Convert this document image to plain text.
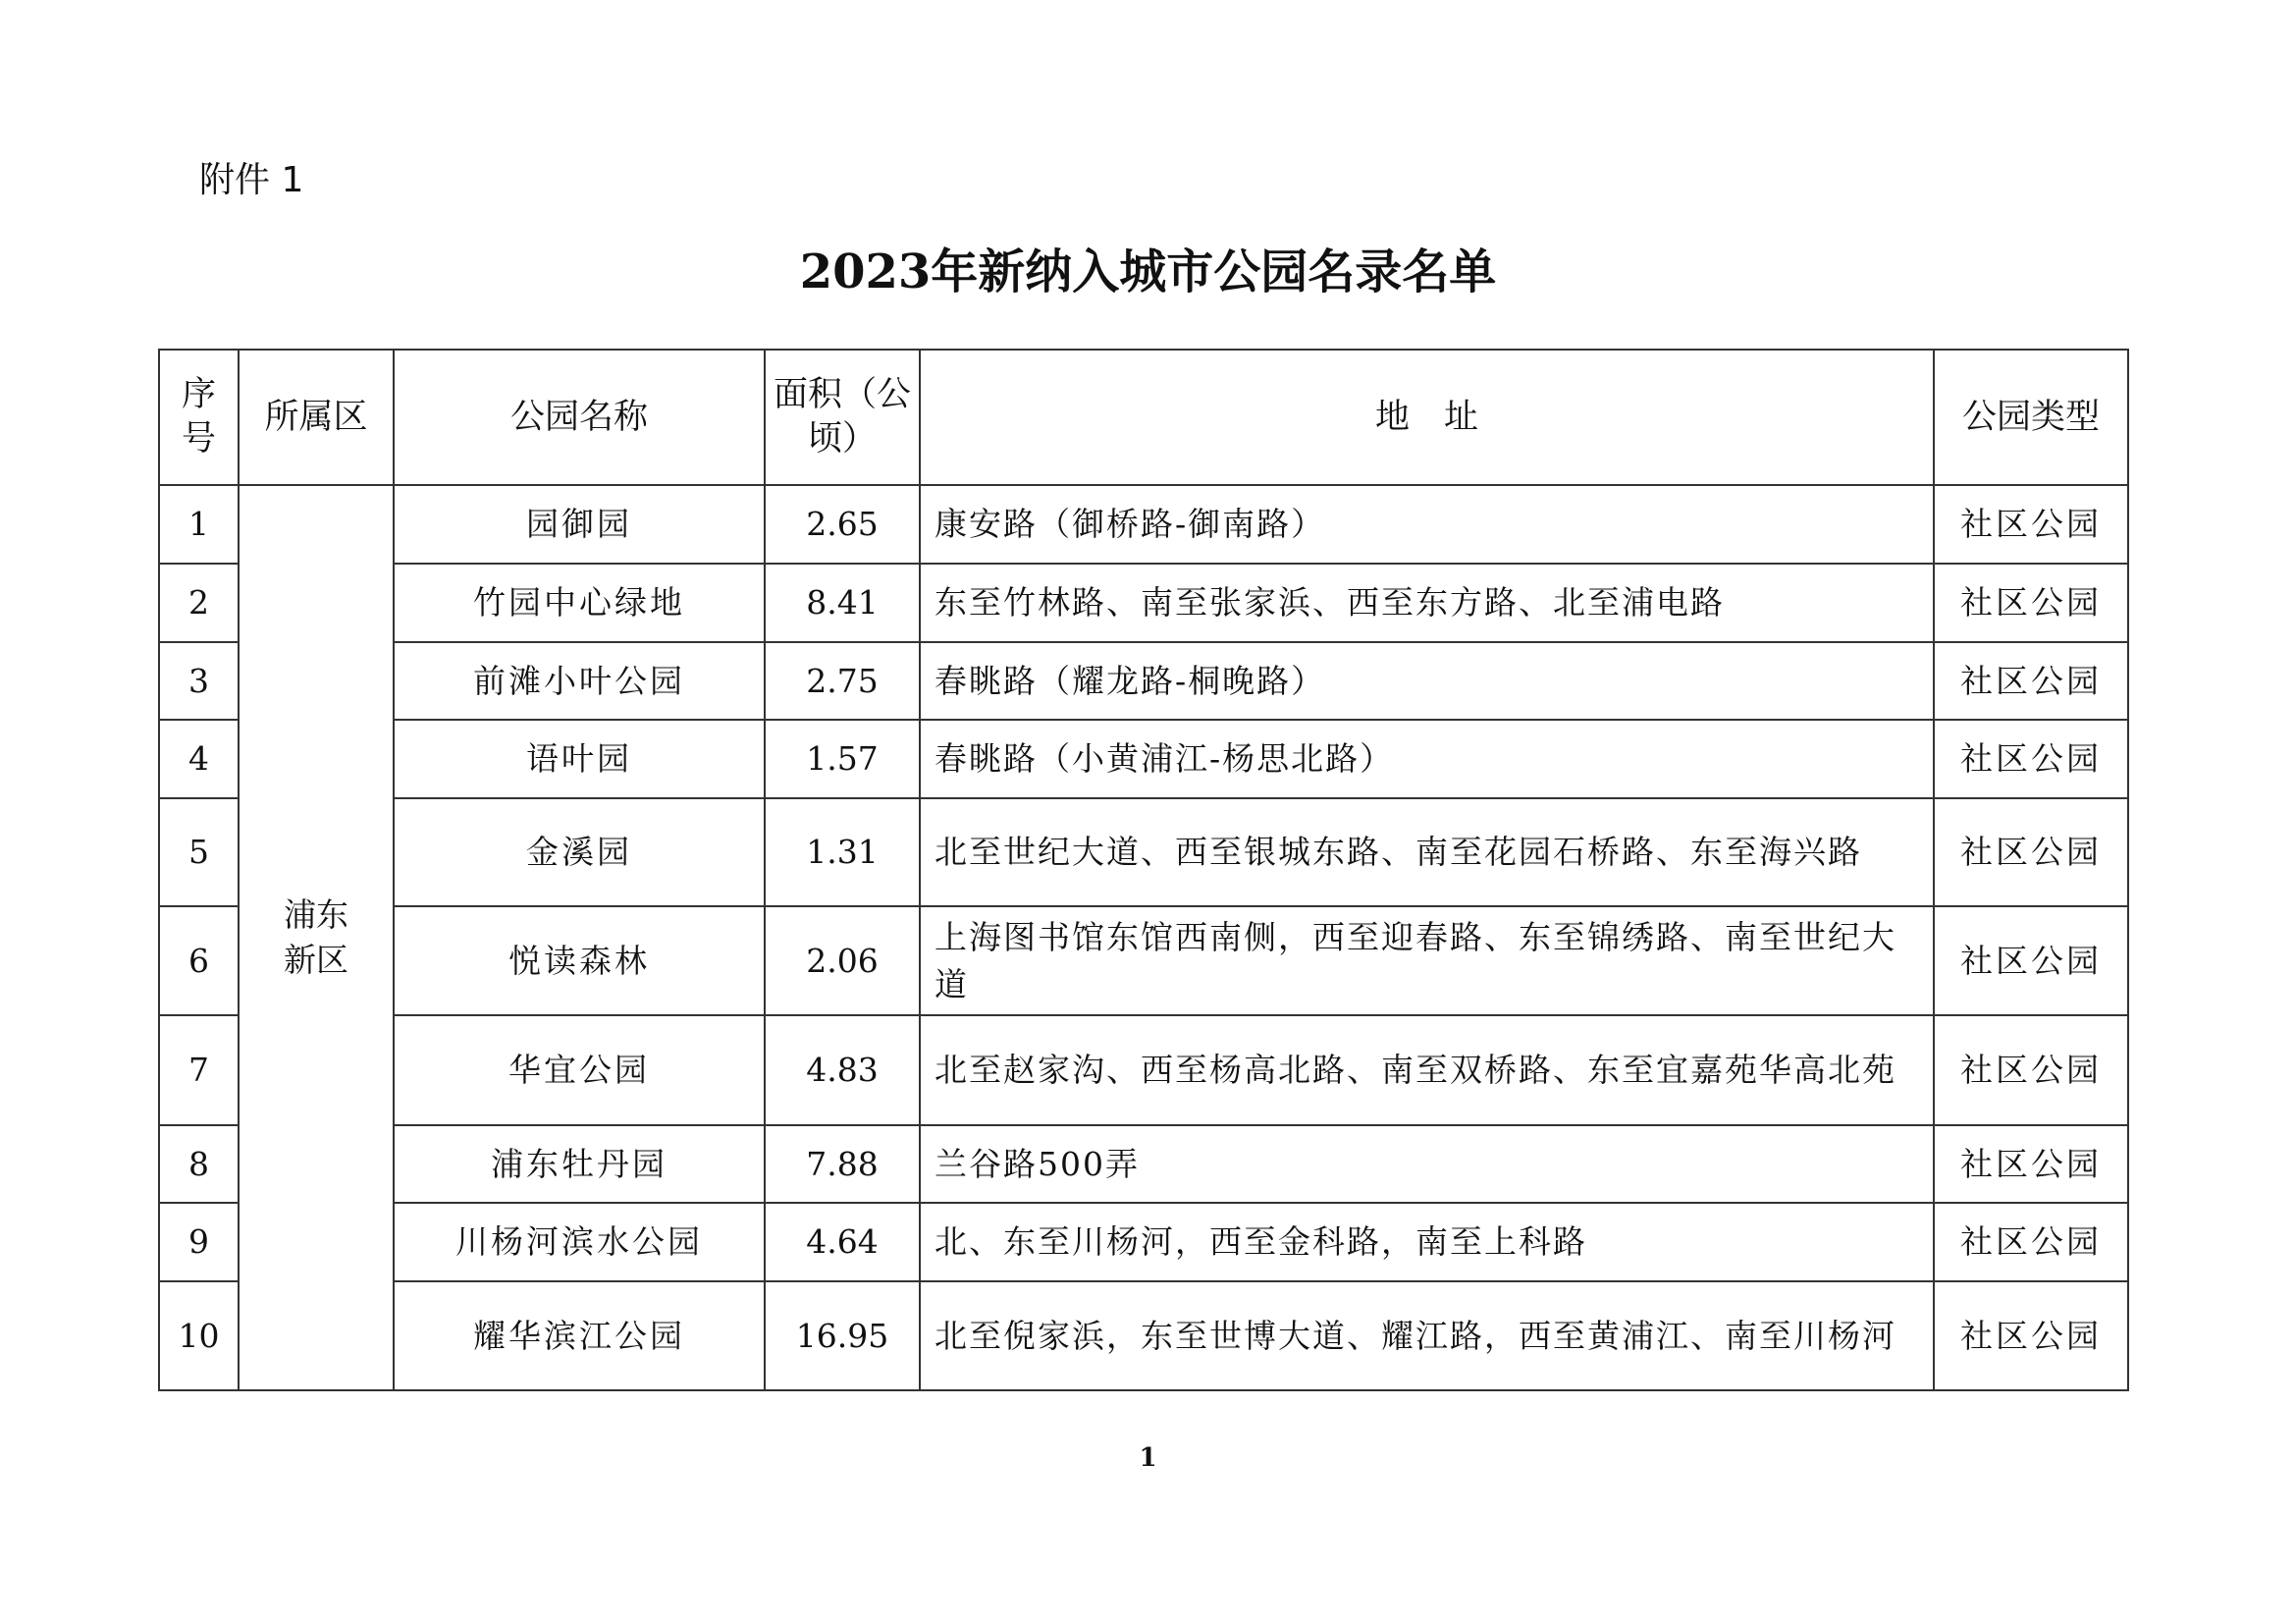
附件 1
2023年新纳入城市公园名录名单
序号	所属区	公园名称	面积（公顷）	地　址	公园类型
1	浦东新区	园御园	2.65	康安路（御桥路-御南路）	社区公园
2		竹园中心绿地	8.41	东至竹林路、南至张家浜、西至东方路、北至浦电路	社区公园
3		前滩小叶公园	2.75	春眺路（耀龙路-桐晚路）	社区公园
4		语叶园	1.57	春眺路（小黄浦江-杨思北路）	社区公园
5		金溪园	1.31	北至世纪大道、西至银城东路、南至花园石桥路、东至海兴路	社区公园
6		悦读森林	2.06	上海图书馆东馆西南侧，西至迎春路、东至锦绣路、南至世纪大道	社区公园
7		华宜公园	4.83	北至赵家沟、西至杨高北路、南至双桥路、东至宜嘉苑华高北苑	社区公园
8		浦东牡丹园	7.88	兰谷路500弄	社区公园
9		川杨河滨水公园	4.64	北、东至川杨河，西至金科路，南至上科路	社区公园
10		耀华滨江公园	16.95	北至倪家浜，东至世博大道、耀江路，西至黄浦江、南至川杨河	社区公园
1
